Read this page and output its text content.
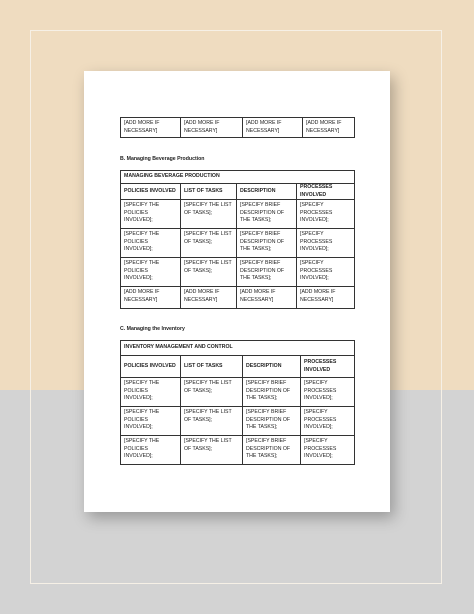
[ADD MORE IF NECESSARY]	[ADD MORE IF NECESSARY]	[ADD MORE IF NECESSARY]	[ADD MORE IF NECESSARY]
B. Managing Beverage Production
MANAGING BEVERAGE PRODUCTION			
POLICIES INVOLVED	LIST OF TASKS	DESCRIPTION	PROCESSES INVOLVED
[SPECIFY THE POLICIES INVOLVED];	[SPECIFY THE LIST OF TASKS];	[SPECIFY BRIEF DESCRIPTION OF THE TASKS];	[SPECIFY PROCESSES INVOLVED];
[SPECIFY THE POLICIES INVOLVED];	[SPECIFY THE LIST OF TASKS];	[SPECIFY BRIEF DESCRIPTION OF THE TASKS];	[SPECIFY PROCESSES INVOLVED];
[SPECIFY THE POLICIES INVOLVED];	[SPECIFY THE LIST OF TASKS];	[SPECIFY BRIEF DESCRIPTION OF THE TASKS];	[SPECIFY PROCESSES INVOLVED];
[ADD MORE IF NECESSARY]	[ADD MORE IF NECESSARY]	[ADD MORE IF NECESSARY]	[ADD MORE IF NECESSARY]
C. Managing the Inventory
INVENTORY MANAGEMENT AND CONTROL			
POLICIES INVOLVED	LIST OF TASKS	DESCRIPTION	PROCESSES INVOLVED
[SPECIFY THE POLICIES INVOLVED];	[SPECIFY THE LIST OF TASKS];	[SPECIFY BRIEF DESCRIPTION OF THE TASKS];	[SPECIFY PROCESSES INVOLVED];
[SPECIFY THE POLICIES INVOLVED];	[SPECIFY THE LIST OF TASKS];	[SPECIFY BRIEF DESCRIPTION OF THE TASKS];	[SPECIFY PROCESSES INVOLVED];
[SPECIFY THE POLICIES INVOLVED];	[SPECIFY THE LIST OF TASKS];	[SPECIFY BRIEF DESCRIPTION OF THE TASKS];	[SPECIFY PROCESSES INVOLVED];
